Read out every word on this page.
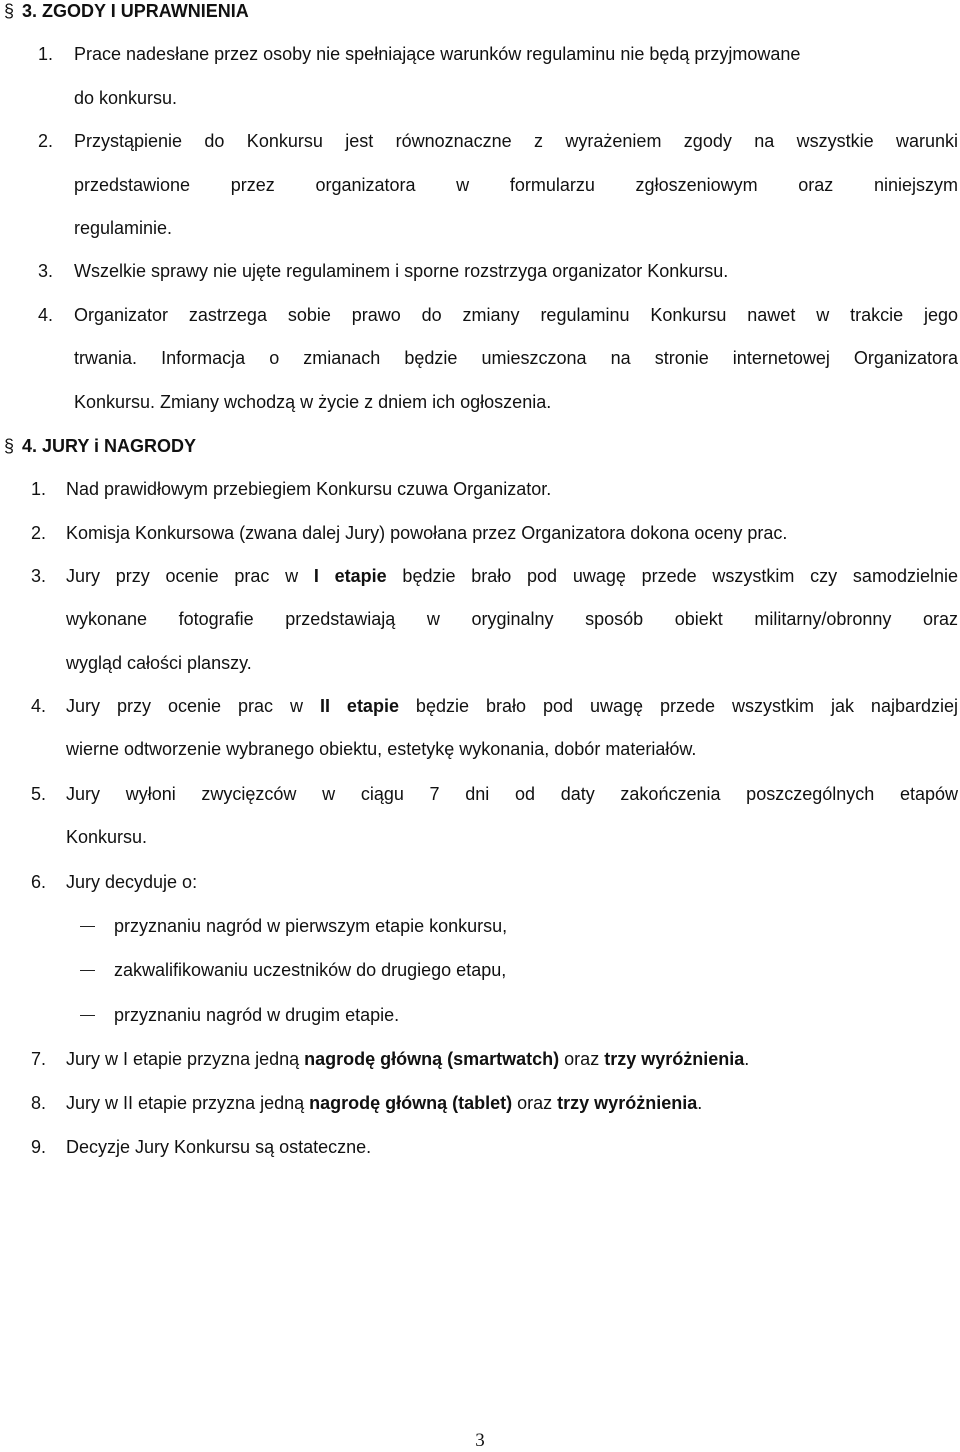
§ 3. ZGODY I UPRAWNIENIA
1. Prace nadesłane przez osoby nie spełniające warunków regulaminu nie będą przyjmowane
do konkursu.
2. Przystąpienie do Konkursu jest równoznaczne z wyrażeniem zgody na wszystkie warunki
przedstawione przez organizatora w formularzu zgłoszeniowym oraz niniejszym
regulaminie.
3. Wszelkie sprawy nie ujęte regulaminem i sporne rozstrzyga organizator Konkursu.
4. Organizator zastrzega sobie prawo do zmiany regulaminu Konkursu nawet w trakcie jego
trwania. Informacja o zmianach będzie umieszczona na stronie internetowej Organizatora
Konkursu. Zmiany wchodzą w życie z dniem ich ogłoszenia.
§ 4. JURY i NAGRODY
1. Nad prawidłowym przebiegiem Konkursu czuwa Organizator.
2. Komisja Konkursowa (zwana dalej Jury) powołana przez Organizatora dokona oceny prac.
3. Jury przy ocenie prac w I etapie będzie brało pod uwagę przede wszystkim czy samodzielnie
wykonane fotografie przedstawiają w oryginalny sposób obiekt militarny/obronny oraz
wygląd całości planszy.
4. Jury przy ocenie prac w II etapie będzie brało pod uwagę przede wszystkim jak najbardziej
wierne odtworzenie wybranego obiektu, estetykę wykonania, dobór materiałów.
5. Jury wyłoni zwycięzców w ciągu 7 dni od daty zakończenia poszczególnych etapów
Konkursu.
6. Jury decyduje o:
przyznaniu nagród w pierwszym etapie konkursu,
zakwalifikowaniu uczestników do drugiego etapu,
przyznaniu nagród w drugim etapie.
7. Jury w I etapie przyzna jedną nagrodę główną (smartwatch) oraz trzy wyróżnienia.
8. Jury w II etapie przyzna jedną nagrodę główną (tablet) oraz trzy wyróżnienia.
9. Decyzje Jury Konkursu są ostateczne.
3
